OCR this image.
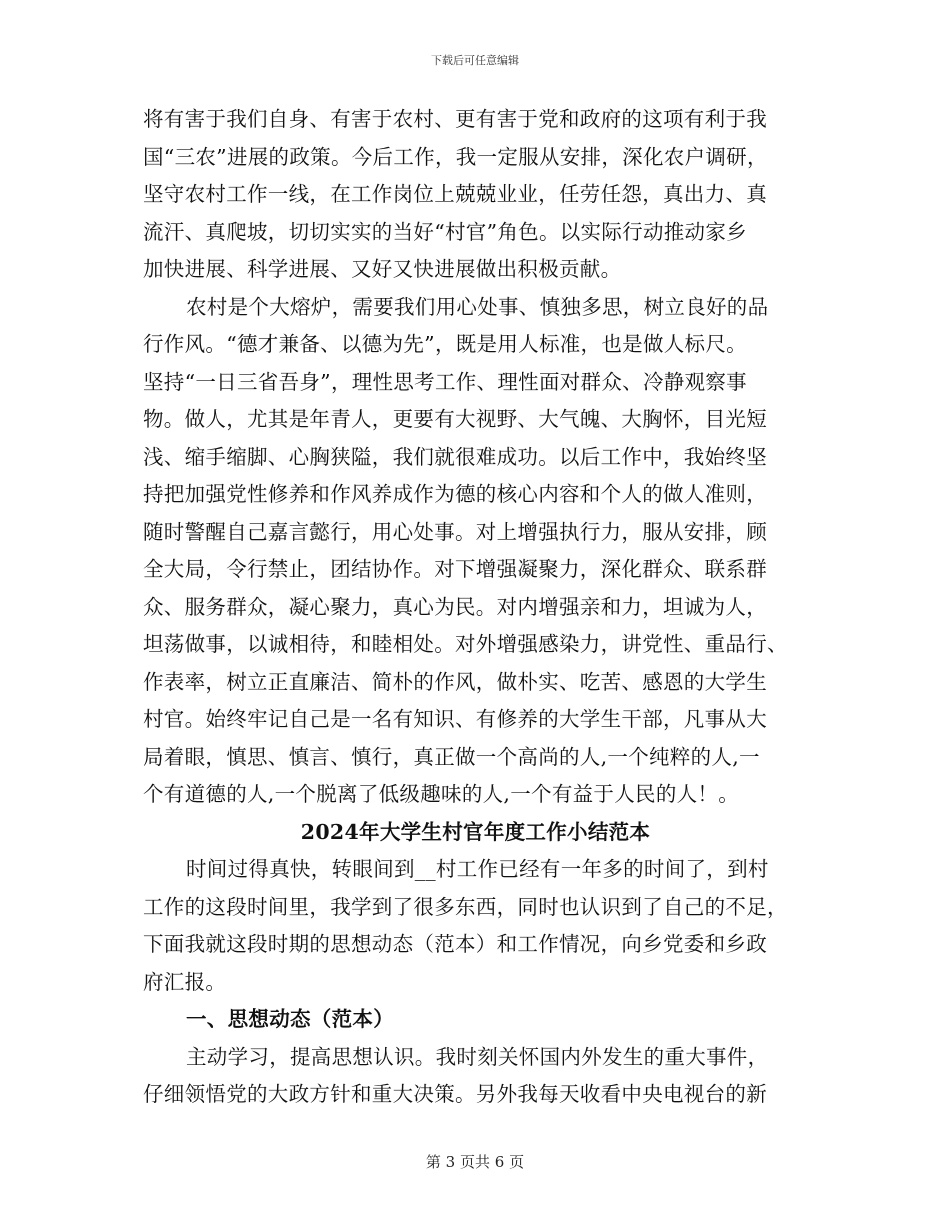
下载后可任意编辑
将有害于我们自身、有害于农村、更有害于党和政府的这项有利于我
国“三农”进展的政策。今后工作，我一定服从安排，深化农户调研，
坚守农村工作一线，在工作岗位上兢兢业业，任劳任怨，真出力、真
流汗、真爬坡，切切实实的当好“村官”角色。以实际行动推动家乡
加快进展、科学进展、又好又快进展做出积极贡献。
农村是个大熔炉，需要我们用心处事、慎独多思，树立良好的品
行作风。“德才兼备、以德为先”，既是用人标准，也是做人标尺。
坚持“一日三省吾身”，理性思考工作、理性面对群众、冷静观察事
物。做人，尤其是年青人，更要有大视野、大气魄、大胸怀，目光短
浅、缩手缩脚、心胸狭隘，我们就很难成功。以后工作中，我始终坚
持把加强党性修养和作风养成作为德的核心内容和个人的做人准则，
随时警醒自己嘉言懿行，用心处事。对上增强执行力，服从安排，顾
全大局，令行禁止，团结协作。对下增强凝聚力，深化群众、联系群
众、服务群众，凝心聚力，真心为民。对内增强亲和力，坦诚为人，
坦荡做事，以诚相待，和睦相处。对外增强感染力，讲党性、重品行、
作表率，树立正直廉洁、简朴的作风，做朴实、吃苦、感恩的大学生
村官。始终牢记自己是一名有知识、有修养的大学生干部，凡事从大
局着眼，慎思、慎言、慎行，真正做一个高尚的人,一个纯粹的人,一
个有道德的人,一个脱离了低级趣味的人,一个有益于人民的人！。
2024年大学生村官年度工作小结范本
时间过得真快，转眼间到__村工作已经有一年多的时间了，到村
工作的这段时间里，我学到了很多东西，同时也认识到了自己的不足，
下面我就这段时期的思想动态（范本）和工作情况，向乡党委和乡政
府汇报。
一、思想动态（范本）
主动学习，提高思想认识。我时刻关怀国内外发生的重大事件，
仔细领悟党的大政方针和重大决策。另外我每天收看中央电视台的新
第 3 页共 6 页
